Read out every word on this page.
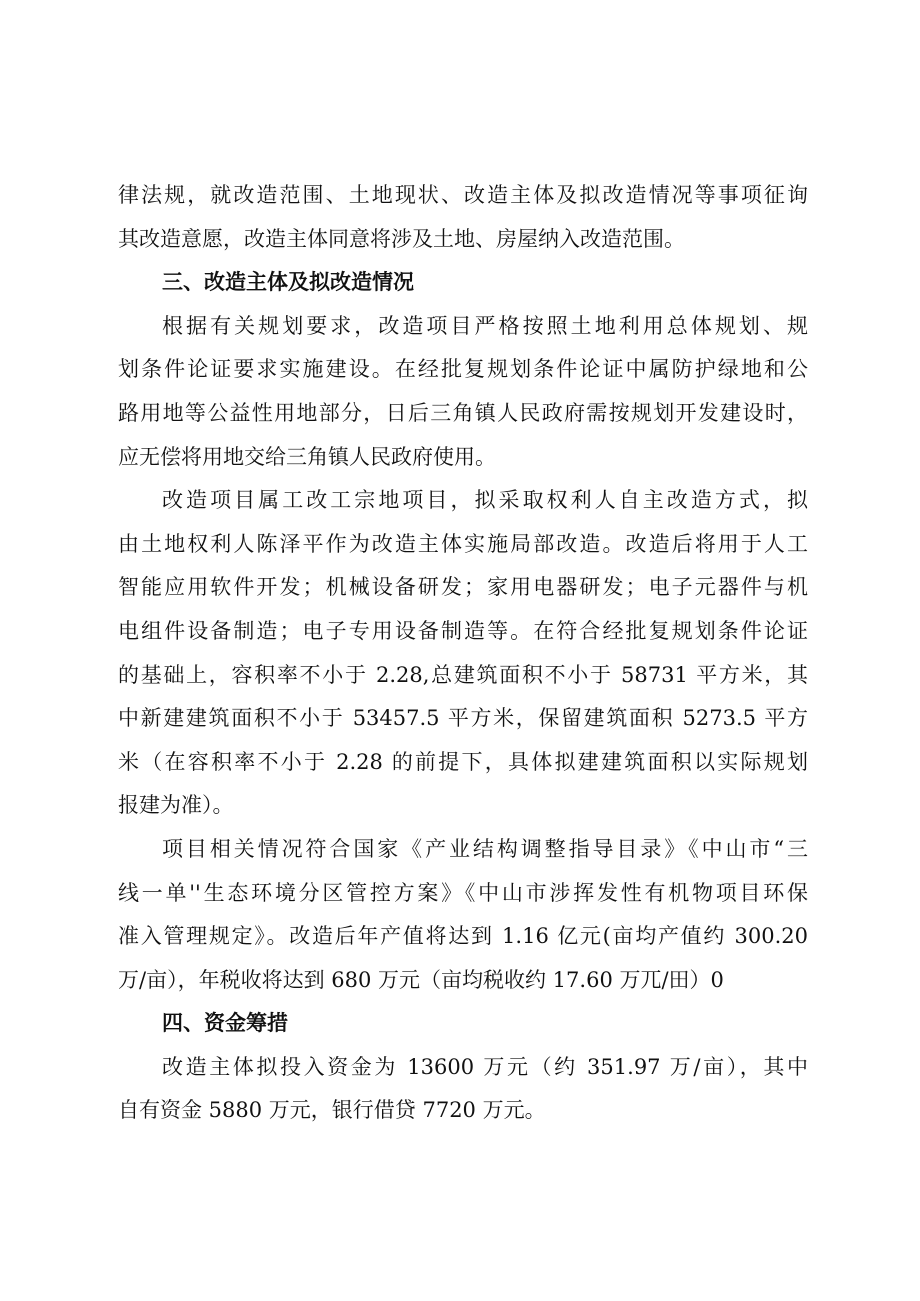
律法规，就改造范围、土地现状、改造主体及拟改造情况等事项征询
其改造意愿，改造主体同意将涉及土地、房屋纳入改造范围。
三、改造主体及拟改造情况
根据有关规划要求，改造项目严格按照土地利用总体规划、规
划条件论证要求实施建设。在经批复规划条件论证中属防护绿地和公
路用地等公益性用地部分，日后三角镇人民政府需按规划开发建设时，
应无偿将用地交给三角镇人民政府使用。
改造项目属工改工宗地项目，拟采取权利人自主改造方式，拟
由土地权利人陈泽平作为改造主体实施局部改造。改造后将用于人工
智能应用软件开发；机械设备研发；家用电器研发；电子元器件与机
电组件设备制造；电子专用设备制造等。在符合经批复规划条件论证
的基础上，容积率不小于 2.28,总建筑面积不小于 58731 平方米，其
中新建建筑面积不小于 53457.5 平方米，保留建筑面积 5273.5 平方
米（在容积率不小于 2.28 的前提下，具体拟建建筑面积以实际规划
报建为准）。
项目相关情况符合国家《产业结构调整指导目录》《中山市“三
线一单''生态环境分区管控方案》《中山市涉挥发性有机物项目环保
准入管理规定》。改造后年产值将达到 1.16 亿元(亩均产值约 300.20
万/亩），年税收将达到 680 万元（亩均税收约 17.60 万兀/田）0
四、资金筹措
改造主体拟投入资金为 13600 万元（约 351.97 万/亩），其中
自有资金 5880 万元，银行借贷 7720 万元。
